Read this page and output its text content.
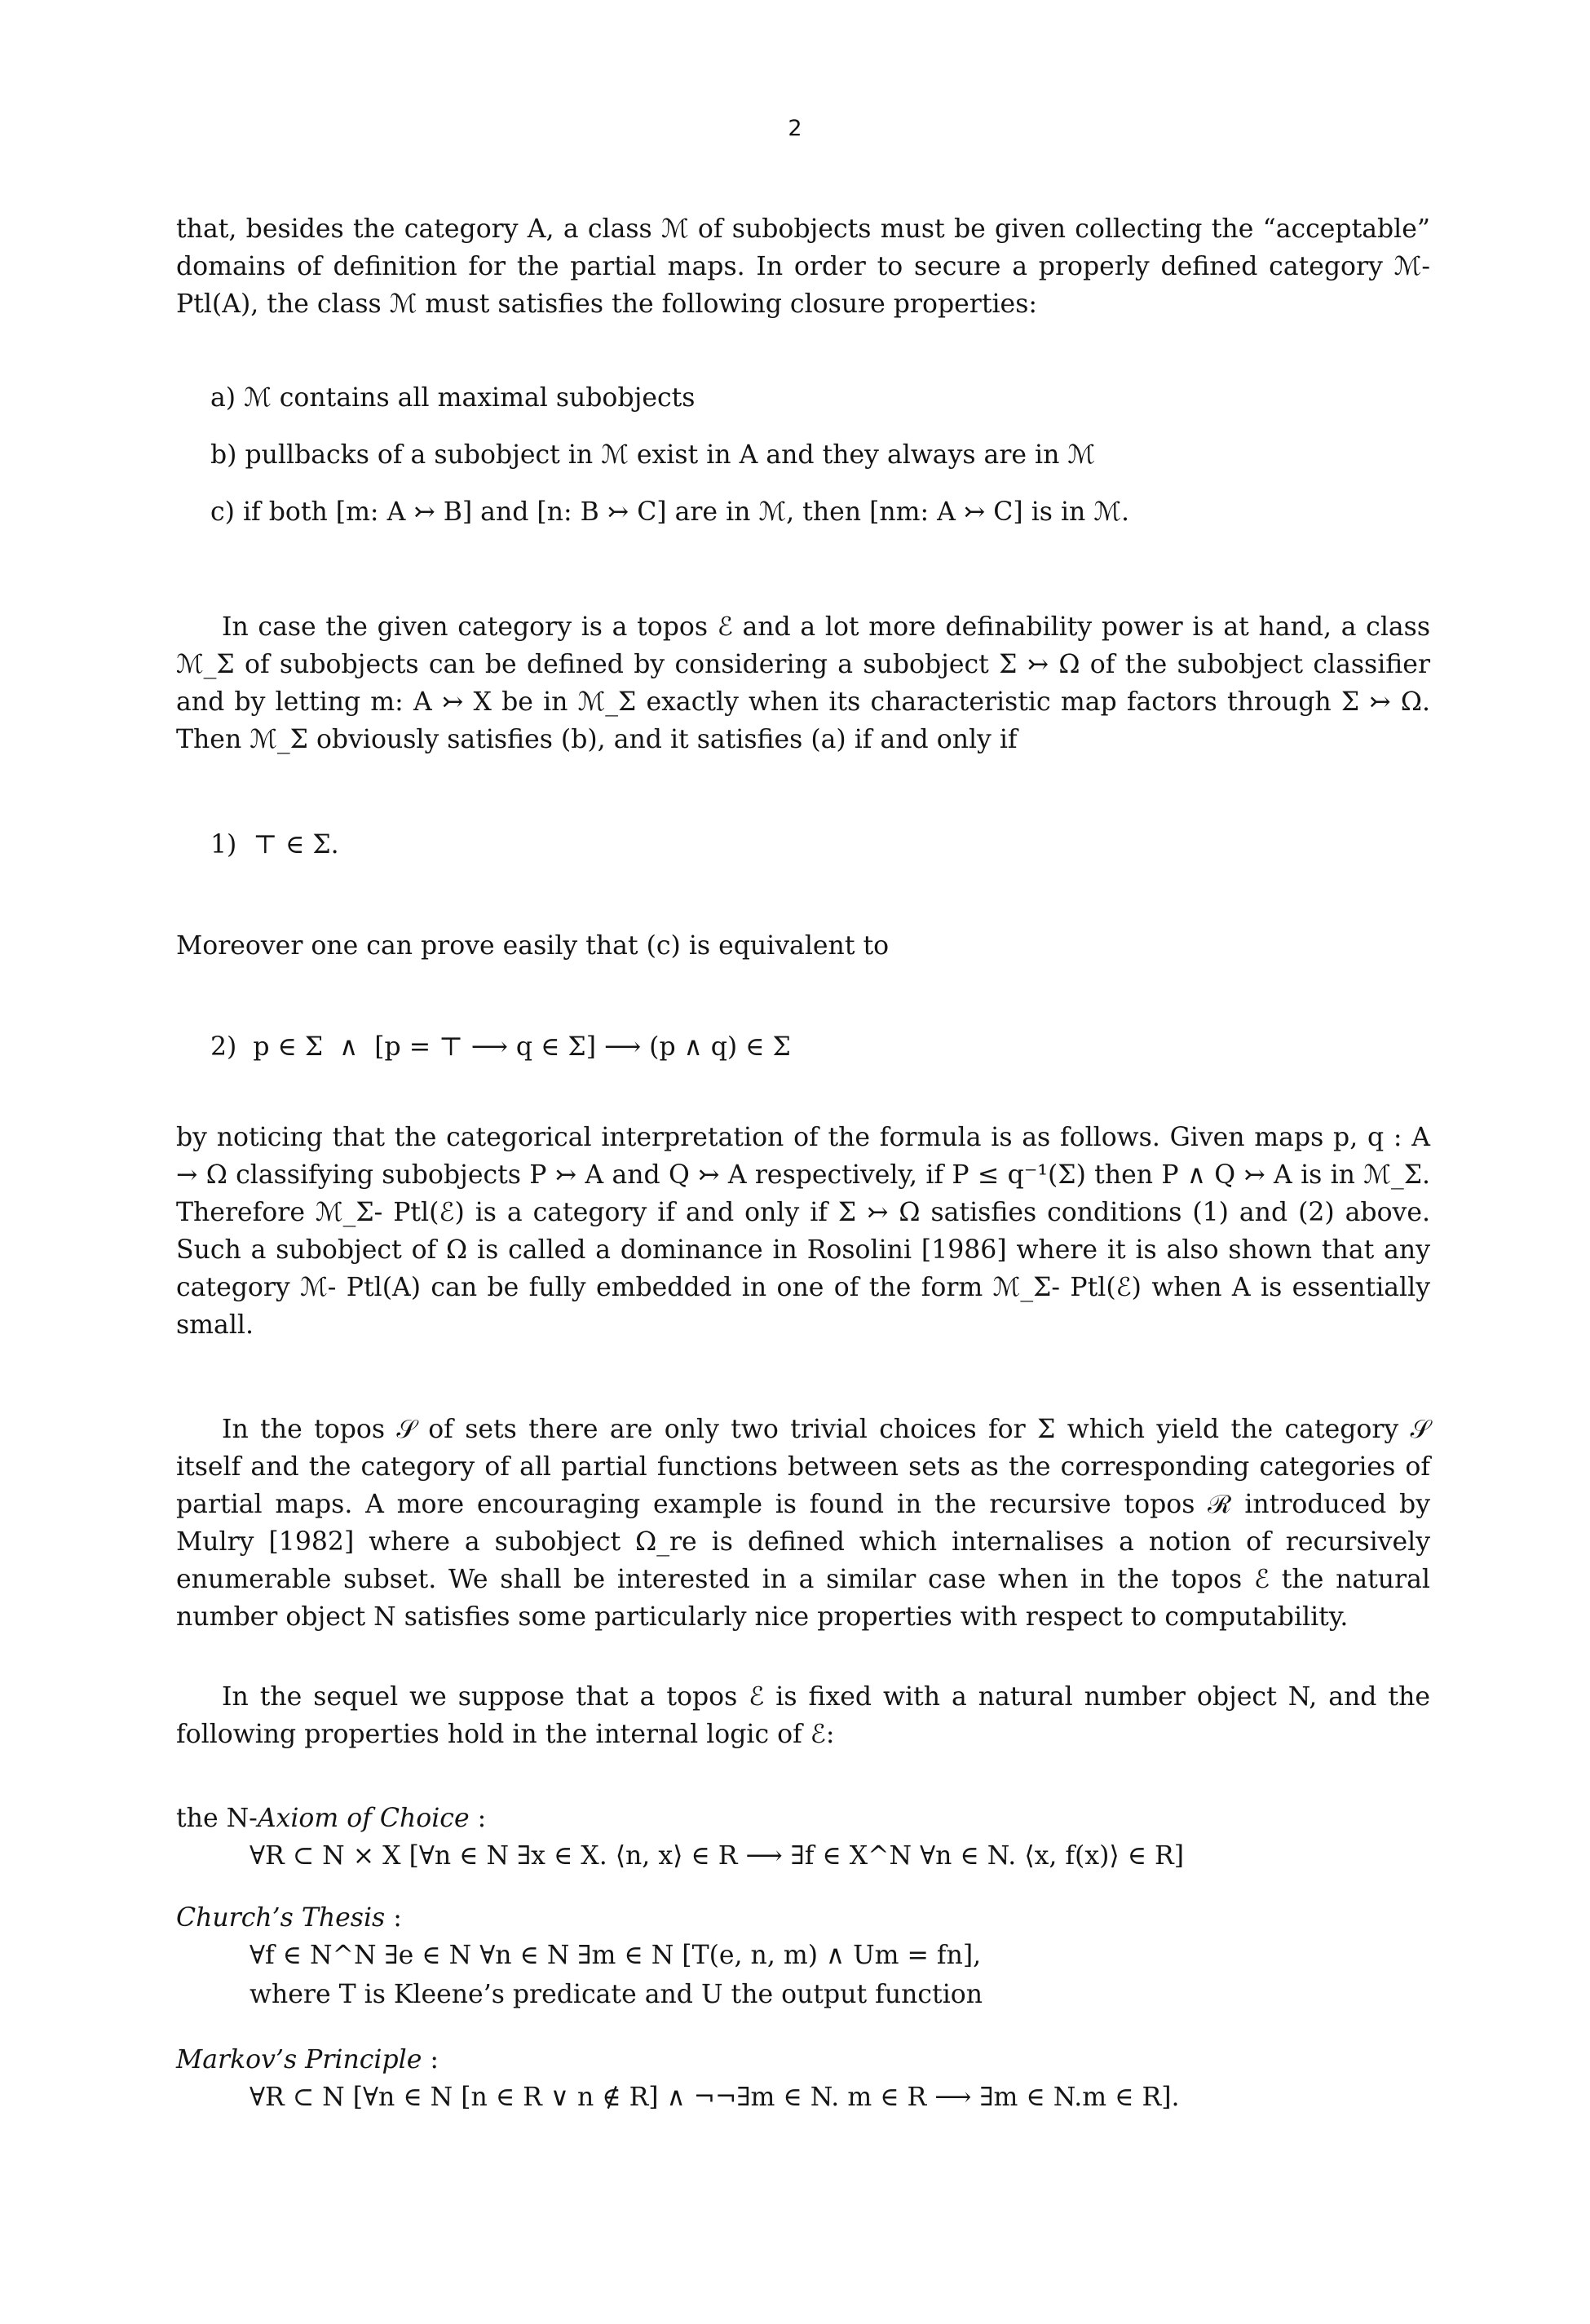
2
that, besides the category A, a class ℳ of subobjects must be given collecting the “acceptable” domains of definition for the partial maps. In order to secure a properly defined category ℳ- Ptl(A), the class ℳ must satisfies the following closure properties:
a) ℳ contains all maximal subobjects
b) pullbacks of a subobject in ℳ exist in A and they always are in ℳ
c) if both [m: A ↣ B] and [n: B ↣ C] are in ℳ, then [nm: A ↣ C] is in ℳ.
In case the given category is a topos ℰ and a lot more definability power is at hand, a class ℳ_Σ of subobjects can be defined by considering a subobject Σ ↣ Ω of the subobject classifier and by letting m: A ↣ X be in ℳ_Σ exactly when its characteristic map factors through Σ ↣ Ω. Then ℳ_Σ obviously satisfies (b), and it satisfies (a) if and only if
1)  ⊤ ∈ Σ.
Moreover one can prove easily that (c) is equivalent to
2)  p ∈ Σ  ∧  [p = ⊤ ⟶ q ∈ Σ] ⟶ (p ∧ q) ∈ Σ
by noticing that the categorical interpretation of the formula is as follows. Given maps p, q : A → Ω classifying subobjects P ↣ A and Q ↣ A respectively, if P ≤ q⁻¹(Σ) then P ∧ Q ↣ A is in ℳ_Σ. Therefore ℳ_Σ- Ptl(ℰ) is a category if and only if Σ ↣ Ω satisfies conditions (1) and (2) above. Such a subobject of Ω is called a dominance in Rosolini [1986] where it is also shown that any category ℳ- Ptl(A) can be fully embedded in one of the form ℳ_Σ- Ptl(ℰ) when A is essentially small.
In the topos 𝒮 of sets there are only two trivial choices for Σ which yield the category 𝒮 itself and the category of all partial functions between sets as the corresponding categories of partial maps. A more encouraging example is found in the recursive topos ℛ introduced by Mulry [1982] where a subobject Ω_re is defined which internalises a notion of recursively enumerable subset. We shall be interested in a similar case when in the topos ℰ the natural number object N satisfies some particularly nice properties with respect to computability.
In the sequel we suppose that a topos ℰ is fixed with a natural number object N, and the following properties hold in the internal logic of ℰ:
the N-Axiom of Choice :
∀R ⊂ N × X [∀n ∈ N ∃x ∈ X. ⟨n, x⟩ ∈ R ⟶ ∃f ∈ X^N ∀n ∈ N. ⟨x, f(x)⟩ ∈ R]
Church’s Thesis :
∀f ∈ N^N ∃e ∈ N ∀n ∈ N ∃m ∈ N [T(e, n, m) ∧ Um = fn],
where T is Kleene’s predicate and U the output function
Markov’s Principle :
∀R ⊂ N [∀n ∈ N [n ∈ R ∨ n ∉ R] ∧ ¬¬∃m ∈ N. m ∈ R ⟶ ∃m ∈ N.m ∈ R].
